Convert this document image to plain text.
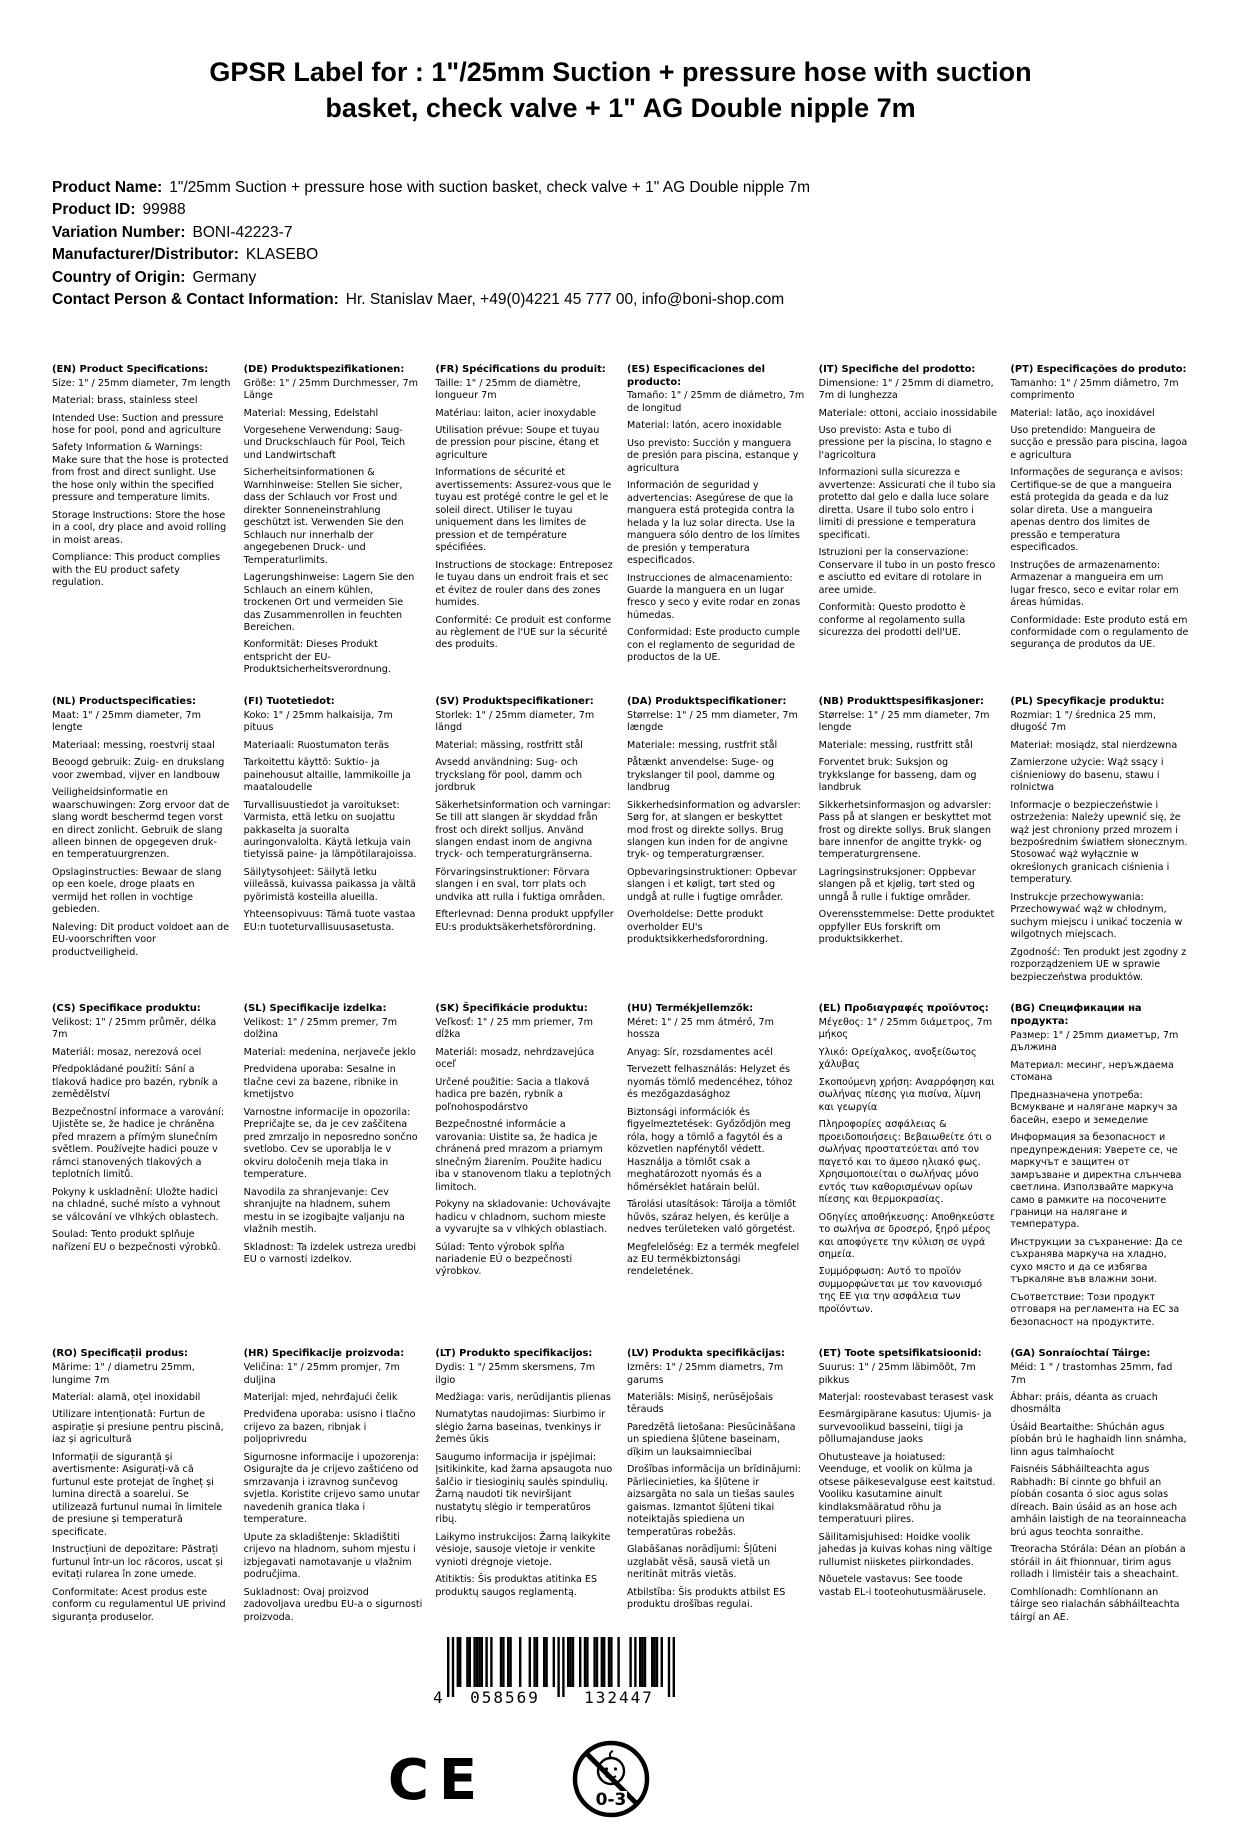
GPSR Label for : 1"/25mm Suction + pressure hose with suction basket, check valve + 1" AG Double nipple 7m
Product Name: 1"/25mm Suction + pressure hose with suction basket, check valve + 1" AG Double nipple 7m
Product ID: 99988
Variation Number: BONI-42223-7
Manufacturer/Distributor: KLASEBO
Country of Origin: Germany
Contact Person & Contact Information: Hr. Stanislav Maer, +49(0)4221 45 777 00, info@boni-shop.com
(EN) Product Specifications:

Size: 1" / 25mm diameter, 7m length

Material: brass, stainless steel

Intended Use: Suction and pressure hose for pool, pond and agriculture

Safety Information & Warnings: Make sure that the hose is protected from frost and direct sunlight. Use the hose only within the specified pressure and temperature limits.

Storage Instructions: Store the hose in a cool, dry place and avoid rolling in moist areas.

Compliance: This product complies with the EU product safety regulation.

(DE) Produktspezifikationen:

Größe: 1" / 25mm Durchmesser, 7m Länge

Material: Messing, Edelstahl

Vorgesehene Verwendung: Saug- und Druckschlauch für Pool, Teich und Landwirtschaft

Sicherheitsinformationen & Warnhinweise: Stellen Sie sicher, dass der Schlauch vor Frost und direkter Sonneneinstrahlung geschützt ist. Verwenden Sie den Schlauch nur innerhalb der angegebenen Druck- und Temperaturlimits.

Lagerungshinweise: Lagern Sie den Schlauch an einem kühlen, trockenen Ort und vermeiden Sie das Zusammenrollen in feuchten Bereichen.

Konformität: Dieses Produkt entspricht der EU-Produktsicherheitsverordnung.

(FR) Spécifications du produit:

Taille: 1" / 25mm de diamètre, longueur 7m

Matériau: laiton, acier inoxydable

Utilisation prévue: Soupe et tuyau de pression pour piscine, étang et agriculture

Informations de sécurité et avertissements: Assurez-vous que le tuyau est protégé contre le gel et le soleil direct. Utiliser le tuyau uniquement dans les limites de pression et de température spécifiées.

Instructions de stockage: Entreposez le tuyau dans un endroit frais et sec et évitez de rouler dans des zones humides.

Conformité: Ce produit est conforme au règlement de l'UE sur la sécurité des produits.

(ES) Especificaciones del producto:

Tamaño: 1" / 25mm de diámetro, 7m de longitud

Material: latón, acero inoxidable

Uso previsto: Succión y manguera de presión para piscina, estanque y agricultura

Información de seguridad y advertencias: Asegúrese de que la manguera está protegida contra la helada y la luz solar directa. Use la manguera sólo dentro de los límites de presión y temperatura especificados.

Instrucciones de almacenamiento: Guarde la manguera en un lugar fresco y seco y evite rodar en zonas húmedas.

Conformidad: Este producto cumple con el reglamento de seguridad de productos de la UE.

(IT) Specifiche del prodotto:

Dimensione: 1" / 25mm di diametro, 7m di lunghezza

Materiale: ottoni, acciaio inossidabile

Uso previsto: Asta e tubo di pressione per la piscina, lo stagno e l'agricoltura

Informazioni sulla sicurezza e avvertenze: Assicurati che il tubo sia protetto dal gelo e dalla luce solare diretta. Usare il tubo solo entro i limiti di pressione e temperatura specificati.

Istruzioni per la conservazione: Conservare il tubo in un posto fresco e asciutto ed evitare di rotolare in aree umide.

Conformità: Questo prodotto è conforme al regolamento sulla sicurezza dei prodotti dell'UE.

(PT) Especificações do produto:

Tamanho: 1" / 25mm diâmetro, 7m comprimento

Material: latão, aço inoxidável

Uso pretendido: Mangueira de sucção e pressão para piscina, lagoa e agricultura

Informações de segurança e avisos: Certifique-se de que a mangueira está protegida da geada e da luz solar direta. Use a mangueira apenas dentro dos limites de pressão e temperatura especificados.

Instruções de armazenamento: Armazenar a mangueira em um lugar fresco, seco e evitar rolar em áreas húmidas.

Conformidade: Este produto está em conformidade com o regulamento de segurança de produtos da UE.

(NL) Productspecificaties:

Maat: 1" / 25mm diameter, 7m lengte

Materiaal: messing, roestvrij staal

Beoogd gebruik: Zuig- en drukslang voor zwembad, vijver en landbouw

Veiligheidsinformatie en waarschuwingen: Zorg ervoor dat de slang wordt beschermd tegen vorst en direct zonlicht. Gebruik de slang alleen binnen de opgegeven druk- en temperatuurgrenzen.

Opslaginstructies: Bewaar de slang op een koele, droge plaats en vermijd het rollen in vochtige gebieden.

Naleving: Dit product voldoet aan de EU-voorschriften voor productveiligheid.

(FI) Tuotetiedot:

Koko: 1" / 25mm halkaisija, 7m pituus

Materiaali: Ruostumaton teräs

Tarkoitettu käyttö: Suktio- ja painehousut altaille, lammikoille ja maataloudelle

Turvallisuustiedot ja varoitukset: Varmista, että letku on suojattu pakkaselta ja suoralta auringonvalolta. Käytä letkuja vain tietyissä paine- ja lämpötilarajoissa.

Säilytysohjeet: Säilytä letku viileässä, kuivassa paikassa ja vältä pyörimistä kosteilla alueilla.

Yhteensopivuus: Tämä tuote vastaa EU:n tuoteturvallisuusasetusta.

(SV) Produktspecifikationer:

Storlek: 1" / 25mm diameter, 7m längd

Material: mässing, rostfritt stål

Avsedd användning: Sug- och tryckslang för pool, damm och jordbruk

Säkerhetsinformation och varningar: Se till att slangen är skyddad från frost och direkt solljus. Använd slangen endast inom de angivna tryck- och temperaturgränserna.

Förvaringsinstruktioner: Förvara slangen i en sval, torr plats och undvika att rulla i fuktiga områden.

Efterlevnad: Denna produkt uppfyller EU:s produktsäkerhetsförordning.

(DA) Produktspecifikationer:

Størrelse: 1" / 25 mm diameter, 7m længde

Materiale: messing, rustfrit stål

Påtænkt anvendelse: Suge- og trykslanger til pool, damme og landbrug

Sikkerhedsinformation og advarsler: Sørg for, at slangen er beskyttet mod frost og direkte sollys. Brug slangen kun inden for de angivne tryk- og temperaturgrænser.

Opbevaringsinstruktioner: Opbevar slangen i et køligt, tørt sted og undgå at rulle i fugtige områder.

Overholdelse: Dette produkt overholder EU's produktsikkerhedsforordning.

(NB) Produkttspesifikasjoner:

Størrelse: 1" / 25 mm diameter, 7m lengde

Materiale: messing, rustfritt stål

Forventet bruk: Suksjon og trykkslange for basseng, dam og landbruk

Sikkerhetsinformasjon og advarsler: Pass på at slangen er beskyttet mot frost og direkte sollys. Bruk slangen bare innenfor de angitte trykk- og temperaturgrensene.

Lagringsinstruksjoner: Oppbevar slangen på et kjølig, tørt sted og unngå å rulle i fuktige områder.

Overensstemmelse: Dette produktet oppfyller EUs forskrift om produktsikkerhet.

(PL) Specyfikacje produktu:

Rozmiar: 1 "/ średnica 25 mm, długość 7m

Materiał: mosiądz, stal nierdzewna

Zamierzone użycie: Wąż ssący i ciśnieniowy do basenu, stawu i rolnictwa

Informacje o bezpieczeństwie i ostrzeżenia: Należy upewnić się, że wąż jest chroniony przed mrozem i bezpośrednim światłem słonecznym. Stosować wąż wyłącznie w określonych granicach ciśnienia i temperatury.

Instrukcje przechowywania: Przechowywać wąż w chłodnym, suchym miejscu i unikać toczenia w wilgotnych miejscach.

Zgodność: Ten produkt jest zgodny z rozporządzeniem UE w sprawie bezpieczeństwa produktów.

(CS) Specifikace produktu:

Velikost: 1" / 25mm průměr, délka 7m

Materiál: mosaz, nerezová ocel

Předpokládané použití: Sání a tlaková hadice pro bazén, rybník a zemědělství

Bezpečnostní informace a varování: Ujistěte se, že hadice je chráněna před mrazem a přímým slunečním světlem. Používejte hadici pouze v rámci stanovených tlakových a teplotních limitů.

Pokyny k uskladnění: Uložte hadici na chladné, suché místo a vyhnout se válcování ve vlhkých oblastech.

Soulad: Tento produkt splňuje nařízení EU o bezpečnosti výrobků.

(SL) Specifikacije izdelka:

Velikost: 1" / 25mm premer, 7m dolžina

Material: medenina, nerjaveče jeklo

Predvidena uporaba: Sesalne in tlačne cevi za bazene, ribnike in kmetijstvo

Varnostne informacije in opozorila: Prepričajte se, da je cev zaščitena pred zmrzaljo in neposredno sončno svetlobo. Cev se uporablja le v okviru določenih meja tlaka in temperature.

Navodila za shranjevanje: Cev shranjujte na hladnem, suhem mestu in se izogibajte valjanju na vlažnih mestih.

Skladnost: Ta izdelek ustreza uredbi EU o varnosti izdelkov.

(SK) Špecifikácie produktu:

Veľkosť: 1" / 25 mm priemer, 7m dĺžka

Materiál: mosadz, nehrdzavejúca oceľ

Určené použitie: Sacia a tlaková hadica pre bazén, rybník a poľnohospodárstvo

Bezpečnostné informácie a varovania: Uistite sa, že hadica je chránená pred mrazom a priamym slnečným žiarením. Použite hadicu iba v stanovenom tlaku a teplotných limitoch.

Pokyny na skladovanie: Uchovávajte hadicu v chladnom, suchom mieste a vyvarujte sa v vlhkých oblastiach.

Súlad: Tento výrobok spĺňa nariadenie EÚ o bezpečnosti výrobkov.

(HU) Termékjellemzők:

Méret: 1" / 25 mm átmérő, 7m hossza

Anyag: Sír, rozsdamentes acél

Tervezett felhasználás: Helyzet és nyomás tömlő medencéhez, tóhoz és mezőgazdasághoz

Biztonsági információk és figyelmeztetések: Győződjön meg róla, hogy a tömlő a fagytól és a közvetlen napfénytől védett. Használja a tömlőt csak a meghatározott nyomás és a hőmérséklet határain belül.

Tárolási utasítások: Tárolja a tömlőt hűvös, száraz helyen, és kerülje a nedves területeken való görgetést.

Megfelelőség: Ez a termék megfelel az EU termékbiztonsági rendeletének.

(EL) Προδιαγραφές προϊόντος:

Μέγεθος: 1" / 25mm διάμετρος, 7m μήκος

Υλικό: Ορείχαλκος, ανοξείδωτος χάλυβας

Σκοπούμενη χρήση: Αναρρόφηση και σωλήνας πίεσης για πισίνα, λίμνη και γεωργία

Πληροφορίες ασφάλειας & προειδοποιήσεις: Βεβαιωθείτε ότι ο σωλήνας προστατεύεται από τον παγετό και το άμεσο ηλιακό φως. Χρησιμοποιείται ο σωλήνας μόνο εντός των καθορισμένων ορίων πίεσης και θερμοκρασίας.

Οδηγίες αποθήκευσης: Αποθηκεύστε το σωλήνα σε δροσερό, ξηρό μέρος και αποφύγετε την κύλιση σε υγρά σημεία.

Συμμόρφωση: Αυτό το προϊόν συμμορφώνεται με τον κανονισμό της ΕΕ για την ασφάλεια των προϊόντων.

(BG) Спецификации на продукта:

Размер: 1" / 25mm диаметър, 7m дължина

Материал: месинг, неръждаема стомана

Предназначена употреба: Всмукване и налягане маркуч за басейн, езеро и земеделие

Информация за безопасност и предупреждения: Уверете се, че маркучът е защитен от замръзване и директна слънчева светлина. Използвайте маркуча само в рамките на посочените граници на налягане и температура.

Инструкции за съхранение: Да се съхранява маркуча на хладно, сухо място и да се избягва търкаляне във влажни зони.

Съответствие: Този продукт отговаря на регламента на ЕС за безопасност на продуктите.

(RO) Specificații produs:

Mărime: 1" / diametru 25mm, lungime 7m

Material: alamă, oțel inoxidabil

Utilizare intenționată: Furtun de aspirație și presiune pentru piscină, iaz și agricultură

Informații de siguranță și avertismente: Asigurați-vă că furtunul este protejat de îngheț și lumina directă a soarelui. Se utilizează furtunul numai în limitele de presiune și temperatură specificate.

Instrucțiuni de depozitare: Păstrați furtunul într-un loc răcoros, uscat și evitați rularea în zone umede.

Conformitate: Acest produs este conform cu regulamentul UE privind siguranța produselor.

(HR) Specifikacije proizvoda:

Veličina: 1" / 25mm promjer, 7m duljina

Materijal: mjed, nehrđajući čelik

Predviđena uporaba: usisno i tlačno crijevo za bazen, ribnjak i poljoprivredu

Sigurnosne informacije i upozorenja: Osigurajte da je crijevo zaštićeno od smrzavanja i izravnog sunčevog svjetla. Koristite crijevo samo unutar navedenih granica tlaka i temperature.

Upute za skladištenje: Skladištiti crijevo na hladnom, suhom mjestu i izbjegavati namotavanje u vlažnim područjima.

Sukladnost: Ovaj proizvod zadovoljava uredbu EU-a o sigurnosti proizvoda.

(LT) Produkto specifikacijos:

Dydis: 1 "/ 25mm skersmens, 7m ilgio

Medžiaga: varis, nerūdijantis plienas

Numatytas naudojimas: Siurbimo ir slėgio žarna baseinas, tvenkinys ir žemės ūkis

Saugumo informacija ir įspėjimai: Įsitikinkite, kad žarna apsaugota nuo šalčio ir tiesioginių saulės spindulių. Žarną naudoti tik neviršijant nustatytų slėgio ir temperatūros ribų.

Laikymo instrukcijos: Žarną laikykite vėsioje, sausoje vietoje ir venkite vynioti drėgnoje vietoje.

Atitiktis: Šis produktas atitinka ES produktų saugos reglamentą.

(LV) Produkta specifikācijas:

Izmērs: 1" / 25mm diametrs, 7m garums

Materiāls: Misiņš, nerūsējošais tērauds

Paredzētā lietošana: Piesūcināšana un spiediena šļūtene baseinam, dīķim un lauksaimniecībai

Drošības informācija un brīdinājumi: Pārliecinieties, ka šļūtene ir aizsargāta no sala un tiešas saules gaismas. Izmantot šļūteni tikai noteiktajās spiediena un temperatūras robežās.

Glabāšanas norādījumi: Šļūteni uzglabāt vēsā, sausā vietā un neritināt mitrās vietās.

Atbilstība: Šis produkts atbilst ES produktu drošības regulai.

(ET) Toote spetsifikatsioonid:

Suurus: 1" / 25mm läbimõõt, 7m pikkus

Materjal: roostevabast terasest vask

Eesmärgipärane kasutus: Ujumis- ja survevoolikud basseini, tiigi ja põllumajanduse jaoks

Ohutusteave ja hoiatused: Veenduge, et voolik on külma ja otsese päikesevalguse eest kaitstud. Vooliku kasutamine ainult kindlaksmääratud rõhu ja temperatuuri piires.

Säilitamisjuhised: Hoidke voolik jahedas ja kuivas kohas ning vältige rullumist niisketes piirkondades.

Nõuetele vastavus: See toode vastab EL-i tooteohutusmäärusele.

(GA) Sonraíochtaí Táirge:

Méid: 1 " / trastomhas 25mm, fad 7m

Ábhar: práis, déanta as cruach dhosmálta

Úsáid Beartaithe: Shúchán agus píobán brú le haghaidh linn snámha, linn agus talmhaíocht

Faisnéis Sábháilteachta agus Rabhadh: Bí cinnte go bhfuil an píobán cosanta ó sioc agus solas díreach. Bain úsáid as an hose ach amháin laistigh de na teorainneacha brú agus teochta sonraithe.

Treoracha Stórála: Déan an píobán a stóráil in áit fhionnuar, tirim agus rolladh i limistéir tais a sheachaint.

Comhlíonadh: Comhlíonann an táirge seo rialachán sábháilteachta táirgí an AE.

4 058569	132447
CE	0-3
